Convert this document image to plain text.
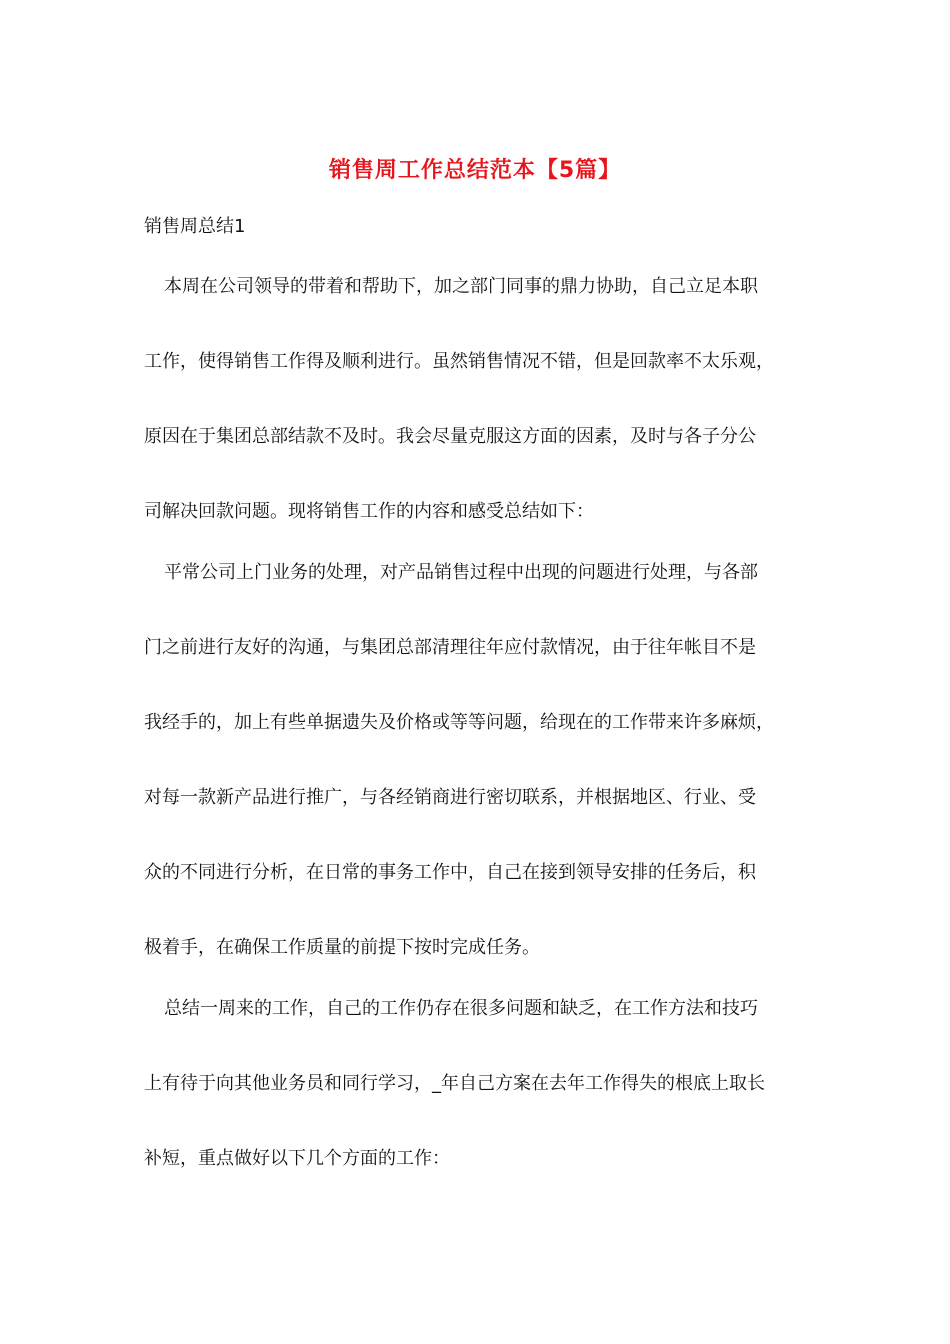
销售周工作总结范本【5篇】
销售周总结1
本周在公司领导的带着和帮助下，加之部门同事的鼎力协助，自己立足本职
工作，使得销售工作得及顺利进行。虽然销售情况不错，但是回款率不太乐观，
原因在于集团总部结款不及时。我会尽量克服这方面的因素，及时与各子分公
司解决回款问题。现将销售工作的内容和感受总结如下：
平常公司上门业务的处理，对产品销售过程中出现的问题进行处理，与各部
门之前进行友好的沟通，与集团总部清理往年应付款情况，由于往年帐目不是
我经手的，加上有些单据遗失及价格或等等问题，给现在的工作带来许多麻烦，
对每一款新产品进行推广，与各经销商进行密切联系，并根据地区、行业、受
众的不同进行分析，在日常的事务工作中，自己在接到领导安排的任务后，积
极着手，在确保工作质量的前提下按时完成任务。
总结一周来的工作，自己的工作仍存在很多问题和缺乏，在工作方法和技巧
上有待于向其他业务员和同行学习，_年自己方案在去年工作得失的根底上取长
补短，重点做好以下几个方面的工作：
